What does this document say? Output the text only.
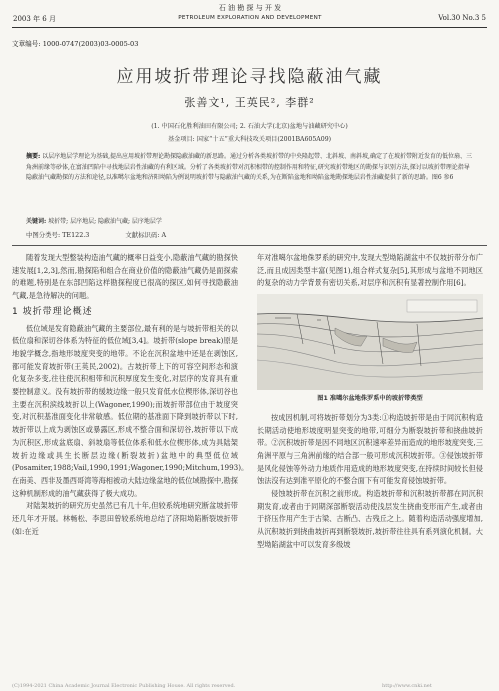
2003 年 6 月
石 油 勘 探 与 开 发
PETROLEUM EXPLORATION AND DEVELOPMENT	Vol.30 No.3 5
文章编号: 1000-0747(2003)03-0005-03
应用坡折带理论寻找隐蔽油气藏
张善文¹, 王英民², 李群²
(1. 中国石化胜利油田有限公司; 2. 石油大学(北京)盆地与油藏研究中心)
基金项目: 国家“十五”重大科技攻关项目(2001BA605A09)
摘要: 以层序地层学理论为基础,提出应用坡折带理论勘探隐蔽油藏的新思路。通过分析各类坡折带的中央隆起带、北斜坡、南斜坡,确定了在坡折带附近发育的低位扇、三角洲前缘等砂体,在富油凹陷中寻找地层岩性油藏的有利区域。分析了各类坡折带对沉积相带的控制作用和特征,研究坡折带地区的勘探与识别方法,探讨以坡折带理论指导隐蔽油气藏勘探的方法和途径,以准噶尔盆地和济阳坳陷为例说明坡折带与隐蔽油气藏的关系,为在断陷盆地和坳陷盆地勘探地层岩性油藏提供了新的思路。图6 参6
关键词: 坡折带; 层序地层; 隐蔽油气藏; 层序地层学
中图分类号: TE122.3	文献标识码: A

随着发现大型整装构造油气藏的概率日益变小,隐蔽油气藏的勘探快速发展[1,2,3],然而,勘探陷和组合在商业价值的隐蔽油气藏仍是面探索的难题,特别是在东部凹陷这样勘探程度已很高的探区,如何寻找隐蔽油气藏,是急待解决的问题。

1 坡折带理论概述

低位域是发育隐蔽油气藏的主要部位,最有利的是与坡折带相关的以低位扇和深切谷体系为特征的低位域[3,4]。坡折带(slope break)原是地貌学概念,指地形坡度突变的地带。不论在沉积盆地中还是在剥蚀区,都可能发育坡折带(王英民,2002)。古坡折带上下的可容空间形态和演化复杂多变,往往使沉积相带和沉积厚度发生变化,对层序的发育具有重要控制意义。没有坡折带的缓坡边缘一般只发育低水位楔形体,深切谷也主要在沉积滨线坡折以上(Wagoner,1990);而坡折带部位由于坡度突变,对沉积基准面变化非常敏感。低位期的基准面下降到坡折带以下时,坡折带以上成为剥蚀区或暴露区,形成不整合面和深切谷,坡折带以下成为沉积区,形成盆底扇、斜坡扇等低位体系和低水位楔形体,成为具陆架坡折边缘或具生长断层边缘(断裂坡折)盆地中的典型低位域(Posamiter,1988;Vail,1990,1991;Wagoner,1990;Mitchum,1993)。在南美、西非及墨西哥湾等海相被动大陆边缘盆地的低位域勘探中,勘探这种机制形成的油气藏获得了极大成功。

对陆架坡折的研究历史虽然已有几十年,但较系统地研究断盆坡折带还几年才开展。林畅松、李思田曾较系统地总结了济阳坳陷断裂坡折带(如:在近

年对准噶尔盆地侏罗系的研究中,发现大型坳陷湖盆中不仅坡折带分布广泛,而且成因类型丰富(见图1),组合样式复杂[5],其形成与盆地不同地区的复杂的动力学背景有密切关系,对层序和沉积有显著控制作用[6]。

图1 准噶尔盆地侏罗系中的坡折带类型

按成因机制,可将坡折带划分为3类:①构造坡折带是由于同沉积构造长期活动使地形坡度明显突变的地带,可细分为断裂坡折带和挠曲坡折带。②沉积坡折带是因不同地区沉积速率差异而造成的地形坡度突变,三角洲平原与三角洲前缘的结合部一般可形成沉积坡折带。③侵蚀坡折带是风化侵蚀等外动力地质作用造成的地形坡度突变,在持续时间较长但侵蚀法沒有达到准平原化的不整合面下有可能发育侵蚀坡折带。

侵蚀坡折带在沉积之前形成。构造坡折带和沉积坡折带都在同沉积期发育,或者由于同期深部断裂活动使浅层发生挠曲变形而产生,或者由于挤压作用产生于古梁、古断凸、古残丘之上。随着构造活动强度增加,从沉积坡折到挠曲坡折再到断裂坡折,坡折带往往具有系列演化机制。大型坳陷湖盆中可以发育多级坡

(C)1994-2021 China Academic Journal Electronic Publishing House. All rights reserved.	http://www.cnki.net
